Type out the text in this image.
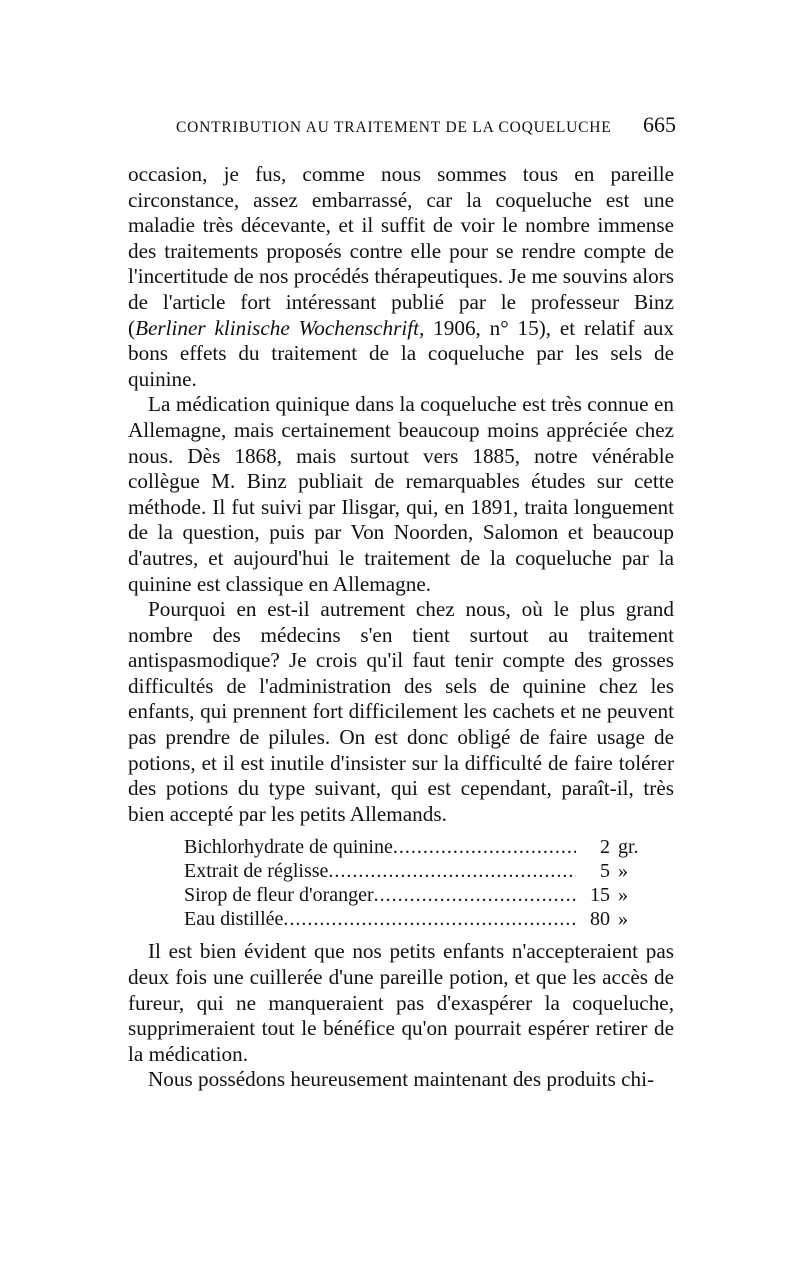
CONTRIBUTION AU TRAITEMENT DE LA COQUELUCHE 665

occasion, je fus, comme nous sommes tous en pareille circonstance, assez embarrassé, car la coqueluche est une maladie très décevante, et il suffit de voir le nombre immense des traitements proposés contre elle pour se rendre compte de l'incertitude de nos procédés thérapeutiques. Je me souvins alors de l'article fort intéressant publié par le professeur Binz (Berliner klinische Wochenschrift, 1906, n° 15), et relatif aux bons effets du traitement de la coqueluche par les sels de quinine.

La médication quinique dans la coqueluche est très connue en Allemagne, mais certainement beaucoup moins appréciée chez nous. Dès 1868, mais surtout vers 1885, notre vénérable collègue M. Binz publiait de remarquables études sur cette méthode. Il fut suivi par Ilisgar, qui, en 1891, traita longuement de la question, puis par Von Noorden, Salomon et beaucoup d'autres, et aujourd'hui le traitement de la coqueluche par la quinine est classique en Allemagne.

Pourquoi en est-il autrement chez nous, où le plus grand nombre des médecins s'en tient surtout au traitement antispasmodique? Je crois qu'il faut tenir compte des grosses difficultés de l'administration des sels de quinine chez les enfants, qui prennent fort difficilement les cachets et ne peuvent pas prendre de pilules. On est donc obligé de faire usage de potions, et il est inutile d'insister sur la difficulté de faire tolérer des potions du type suivant, qui est cependant, paraît-il, très bien accepté par les petits Allemands.

Bichlorhydrate de quinine .....	2 gr.
Extrait de réglisse .....	5 »
Sirop de fleur d'oranger .....	15 »
Eau distillée .....	80 »

Il est bien évident que nos petits enfants n'accepteraient pas deux fois une cuillerée d'une pareille potion, et que les accès de fureur, qui ne manqueraient pas d'exaspérer la coqueluche, supprimeraient tout le bénéfice qu'on pourrait espérer retirer de la médication.

Nous possédons heureusement maintenant des produits chi-
